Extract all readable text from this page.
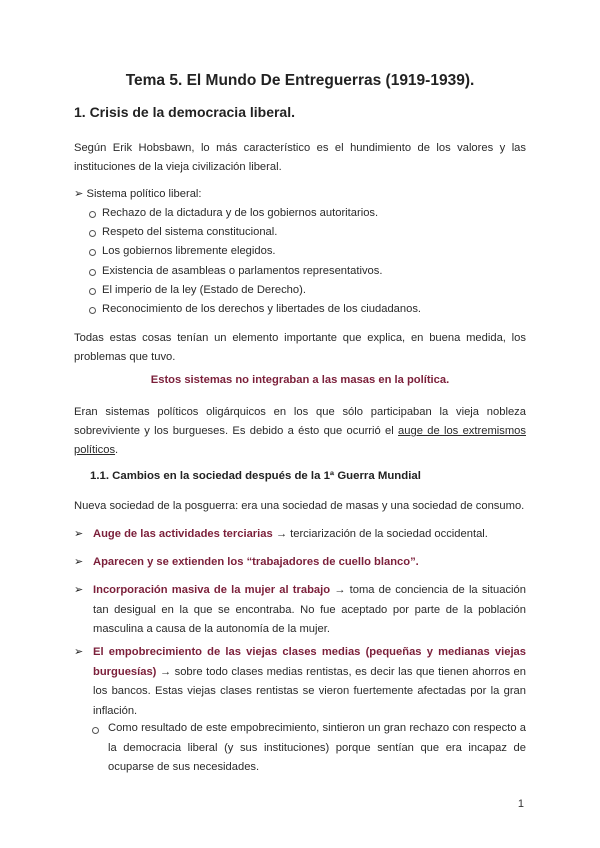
Tema 5. El Mundo De Entreguerras (1919-1939).
1. Crisis de la democracia liberal.
Según Erik Hobsbawn, lo más característico es el hundimiento de los valores y las instituciones de la vieja civilización liberal.
➢ Sistema político liberal:
Rechazo de la dictadura y de los gobiernos autoritarios.
Respeto del sistema constitucional.
Los gobiernos libremente elegidos.
Existencia de asambleas o parlamentos representativos.
El imperio de la ley (Estado de Derecho).
Reconocimiento de los derechos y libertades de los ciudadanos.
Todas estas cosas tenían un elemento importante que explica, en buena medida, los problemas que tuvo.
Estos sistemas no integraban a las masas en la política.
Eran sistemas políticos oligárquicos en los que sólo participaban la vieja nobleza sobreviviente y los burgueses. Es debido a ésto que ocurrió el auge de los extremismos políticos.
1.1. Cambios en la sociedad después de la 1ª Guerra Mundial
Nueva sociedad de la posguerra: era una sociedad de masas y una sociedad de consumo.
➢ Auge de las actividades terciarias → terciarización de la sociedad occidental.
➢ Aparecen y se extienden los “trabajadores de cuello blanco”.
➢ Incorporación masiva de la mujer al trabajo → toma de conciencia de la situación tan desigual en la que se encontraba. No fue aceptado por parte de la población masculina a causa de la autonomía de la mujer.
➢ El empobrecimiento de las viejas clases medias (pequeñas y medianas viejas burguesías) → sobre todo clases medias rentistas, es decir las que tienen ahorros en los bancos. Estas viejas clases rentistas se vieron fuertemente afectadas por la gran inflación.
Como resultado de este empobrecimiento, sintieron un gran rechazo con respecto a la democracia liberal (y sus instituciones) porque sentían que era incapaz de ocuparse de sus necesidades.
1
